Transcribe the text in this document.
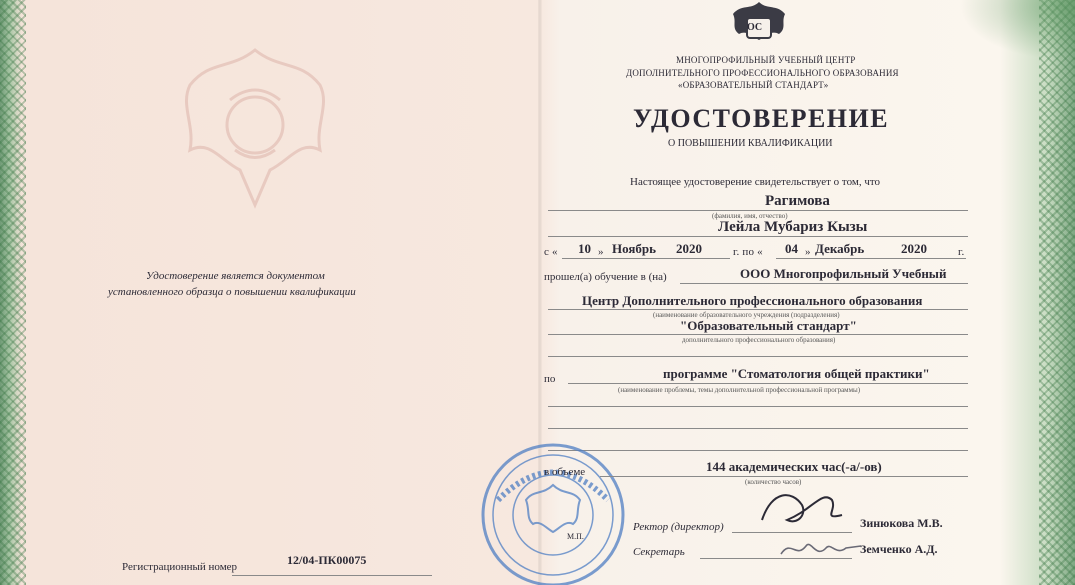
ОС
МНОГОПРОФИЛЬНЫЙ УЧЕБНЫЙ ЦЕНТР
ДОПОЛНИТЕЛЬНОГО ПРОФЕССИОНАЛЬНОГО ОБРАЗОВАНИЯ
«ОБРАЗОВАТЕЛЬНЫЙ СТАНДАРТ»
УДОСТОВЕРЕНИЕ
О ПОВЫШЕНИИ КВАЛИФИКАЦИИ
Удостоверение является документом
установленного образца о повышении квалификации
Регистрационный номер	12/04-ПК00075
Настоящее удостоверение свидетельствует о том, что
Рагимова
(фамилия, имя, отчество)
Лейла Мубариз Кызы
с « 10 » Ноябрь 2020	г. по « 04 » Декабрь	2020	г.
прошел(а) обучение в (на)	ООО Многопрофильный Учебный
Центр Дополнительного профессионального образования
(наименование образовательного учреждения (подразделения)
"Образовательный стандарт"
дополнительного профессионального образования)
по	программе "Стоматология общей практики"
(наименование проблемы, темы дополнительной профессиональной программы)
М.П.
в объеме	144 академических час(-а/-ов)
(количество часов)
Ректор (директор)	Зинюкова М.В.
Секретарь	Земченко А.Д.
